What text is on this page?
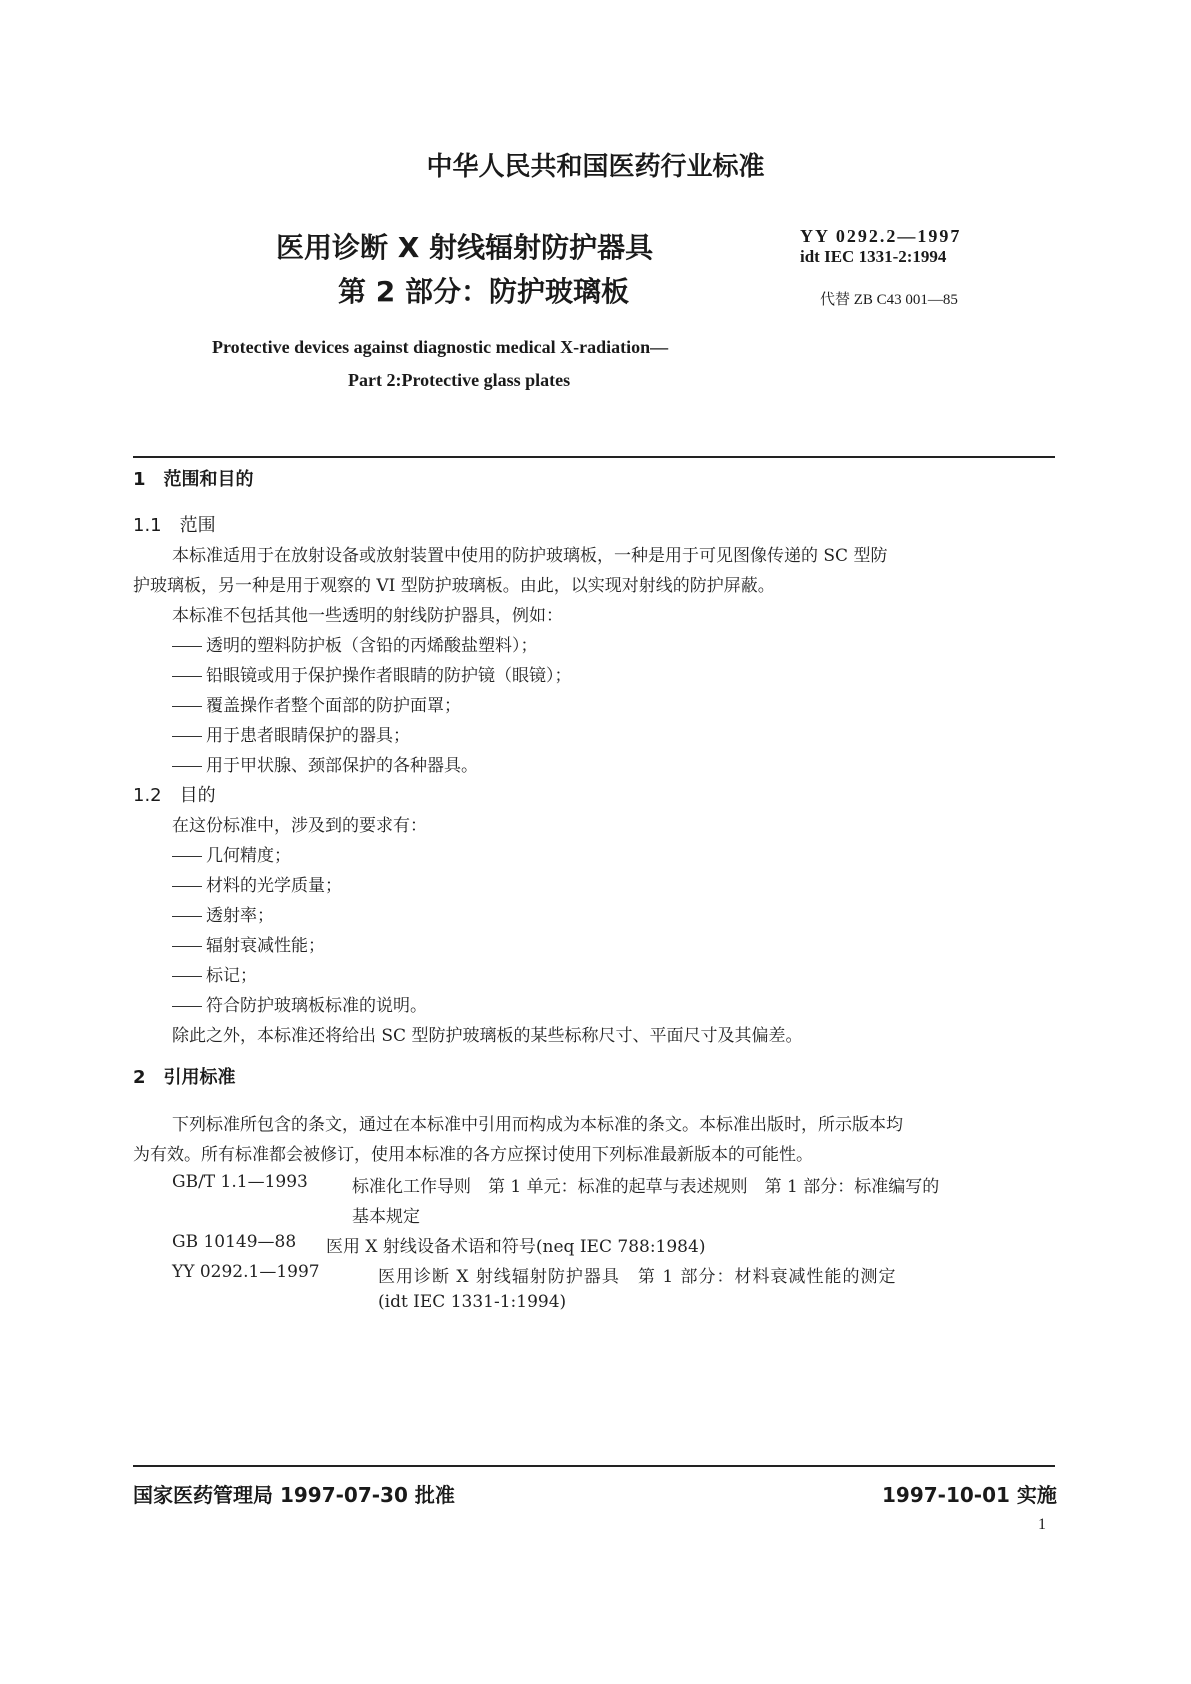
中华人民共和国医药行业标准
医用诊断 X 射线辐射防护器具
第 2 部分：防护玻璃板
YY 0292.2—1997
idt IEC 1331-2:1994
代替 ZB C43 001—85
Protective devices against diagnostic medical X-radiation—
Part 2:Protective glass plates
1　范围和目的
1.1　范围
本标准适用于在放射设备或放射装置中使用的防护玻璃板，一种是用于可见图像传递的 SC 型防
护玻璃板，另一种是用于观察的 VI 型防护玻璃板。由此，以实现对射线的防护屏蔽。
本标准不包括其他一些透明的射线防护器具，例如：
透明的塑料防护板（含铅的丙烯酸盐塑料）；
铅眼镜或用于保护操作者眼睛的防护镜（眼镜）；
覆盖操作者整个面部的防护面罩；
用于患者眼睛保护的器具；
用于甲状腺、颈部保护的各种器具。
1.2　目的
在这份标准中，涉及到的要求有：
几何精度；
材料的光学质量；
透射率；
辐射衰减性能；
标记；
符合防护玻璃板标准的说明。
除此之外，本标准还将给出 SC 型防护玻璃板的某些标称尺寸、平面尺寸及其偏差。
2　引用标准
下列标准所包含的条文，通过在本标准中引用而构成为本标准的条文。本标准出版时，所示版本均
为有效。所有标准都会被修订，使用本标准的各方应探讨使用下列标准最新版本的可能性。
GB/T 1.1—1993	标准化工作导则　第 1 单元：标准的起草与表述规则　第 1 部分：标准编写的
基本规定
GB 10149—88 医用 X 射线设备术语和符号(neq IEC 788:1984)
YY 0292.1—1997	医用诊断 X 射线辐射防护器具　第 1 部分：材料衰减性能的测定
(idt IEC 1331-1:1994)
国家医药管理局 1997-07-30 批准	1997-10-01 实施
1
